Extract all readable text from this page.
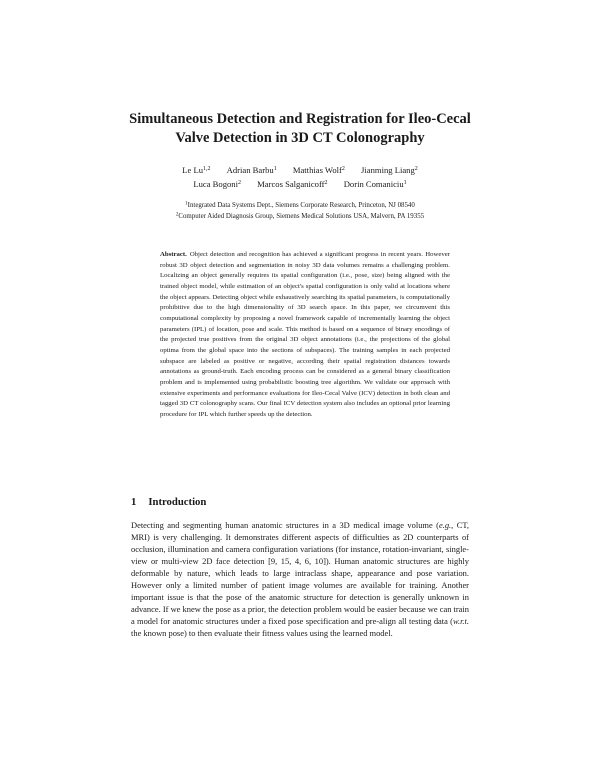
Simultaneous Detection and Registration for Ileo-Cecal
Valve Detection in 3D CT Colonography
Le Lu$^{1,2}$ Adrian Barbu$^1$ Matthias Wolf$^2$ Jianming Liang$^2$
Luca Bogoni$^2$ Marcos Salganicoff$^2$ Dorin Comaniciu$^1$
$^1$Integrated Data Systems Dept., Siemens Corporate Research, Princeton, NJ 08540
$^2$Computer Aided Diagnosis Group, Siemens Medical Solutions USA, Malvern, PA 19355
Abstract. Object detection and recognition has achieved a significant progress in recent years. However robust 3D object detection and segmentation in noisy 3D data volumes remains a challenging problem. Localizing an object generally requires its spatial configuration (i.e., pose, size) being aligned with the trained object model, while estimation of an object's spatial configuration is only valid at locations where the object appears. Detecting object while exhaustively searching its spatial parameters, is computationally prohibitive due to the high dimensionality of 3D search space. In this paper, we circumvent this computational complexity by proposing a novel framework capable of incrementally learning the object parameters (IPL) of location, pose and scale. This method is based on a sequence of binary encodings of the projected true positives from the original 3D object annotations (i.e., the projections of the global optima from the global space into the sections of subspaces). The training samples in each projected subspace are labeled as positive or negative, according their spatial registration distances towards annotations as ground-truth. Each encoding process can be considered as a general binary classification problem and is implemented using probabilistic boosting tree algorithm. We validate our approach with extensive experiments and performance evaluations for Ileo-Cecal Valve (ICV) detection in both clean and tagged 3D CT colonography scans. Our final ICV detection system also includes an optional prior learning procedure for IPL which further speeds up the detection.
1 Introduction
Detecting and segmenting human anatomic structures in a 3D medical image volume (e.g., CT, MRI) is very challenging. It demonstrates different aspects of difficulties as 2D counterparts of occlusion, illumination and camera configuration variations (for instance, rotation-invariant, single-view or multi-view 2D face detection [9, 15, 4, 6, 10]). Human anatomic structures are highly deformable by nature, which leads to large intraclass shape, appearance and pose variation. However only a limited number of patient image volumes are available for training. Another important issue is that the pose of the anatomic structure for detection is generally unknown in advance. If we knew the pose as a prior, the detection problem would be easier because we can train a model for anatomic structures under a fixed pose specification and pre-align all testing data (w.r.t. the known pose) to then evaluate their fitness values using the learned model.
